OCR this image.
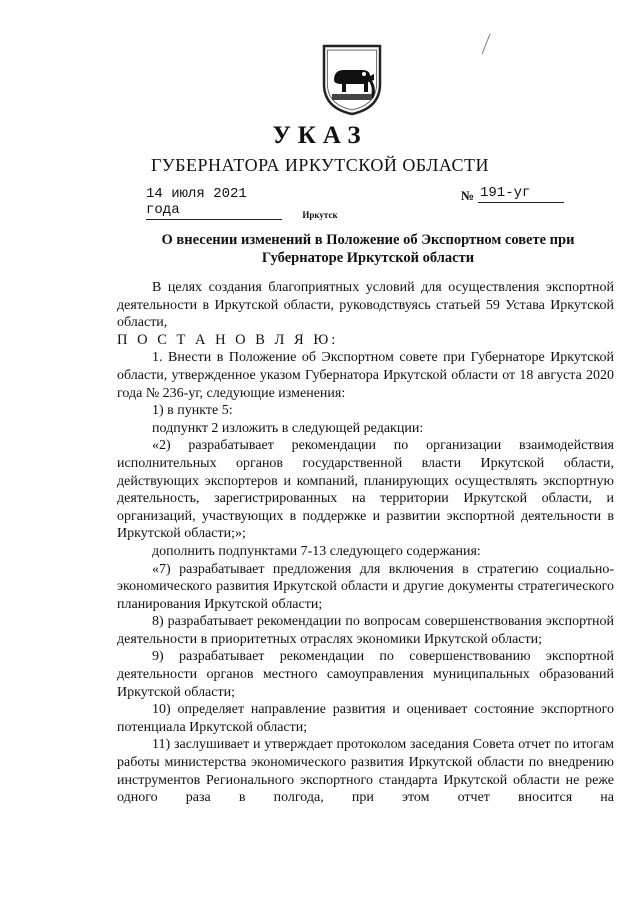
УКАЗ
ГУБЕРНАТОРА ИРКУТСКОЙ ОБЛАСТИ
14 июля 2021 года
№ 191-уг
Иркутск
О внесении изменений в Положение об Экспортном совете при
Губернаторе Иркутской области

В целях создания благоприятных условий для осуществления экспортной деятельности в Иркутской области, руководствуясь статьей 59 Устава Иркутской области,

П О С Т А Н О В Л Я Ю:

1. Внести в Положение об Экспортном совете при Губернаторе Иркутской области, утвержденное указом Губернатора Иркутской области от 18 августа 2020 года № 236-уг, следующие изменения:

1) в пункте 5:

подпункт 2 изложить в следующей редакции:

«2) разрабатывает рекомендации по организации взаимодействия исполнительных органов государственной власти Иркутской области, действующих экспортеров и компаний, планирующих осуществлять экспортную деятельность, зарегистрированных на территории Иркутской области, и организаций, участвующих в поддержке и развитии экспортной деятельности в Иркутской области;»;

дополнить подпунктами 7-13 следующего содержания:

«7) разрабатывает предложения для включения в стратегию социально-экономического развития Иркутской области и другие документы стратегического планирования Иркутской области;

8) разрабатывает рекомендации по вопросам совершенствования экспортной деятельности в приоритетных отраслях экономики Иркутской области;

9) разрабатывает рекомендации по совершенствованию экспортной деятельности органов местного самоуправления муниципальных образований Иркутской области;

10) определяет направление развития и оценивает состояние экспортного потенциала Иркутской области;

11) заслушивает и утверждает протоколом заседания Совета отчет по итогам работы министерства экономического развития Иркутской области по внедрению инструментов Регионального экспортного стандарта Иркутской области не реже одного раза в полгода, при этом отчет вносится на
